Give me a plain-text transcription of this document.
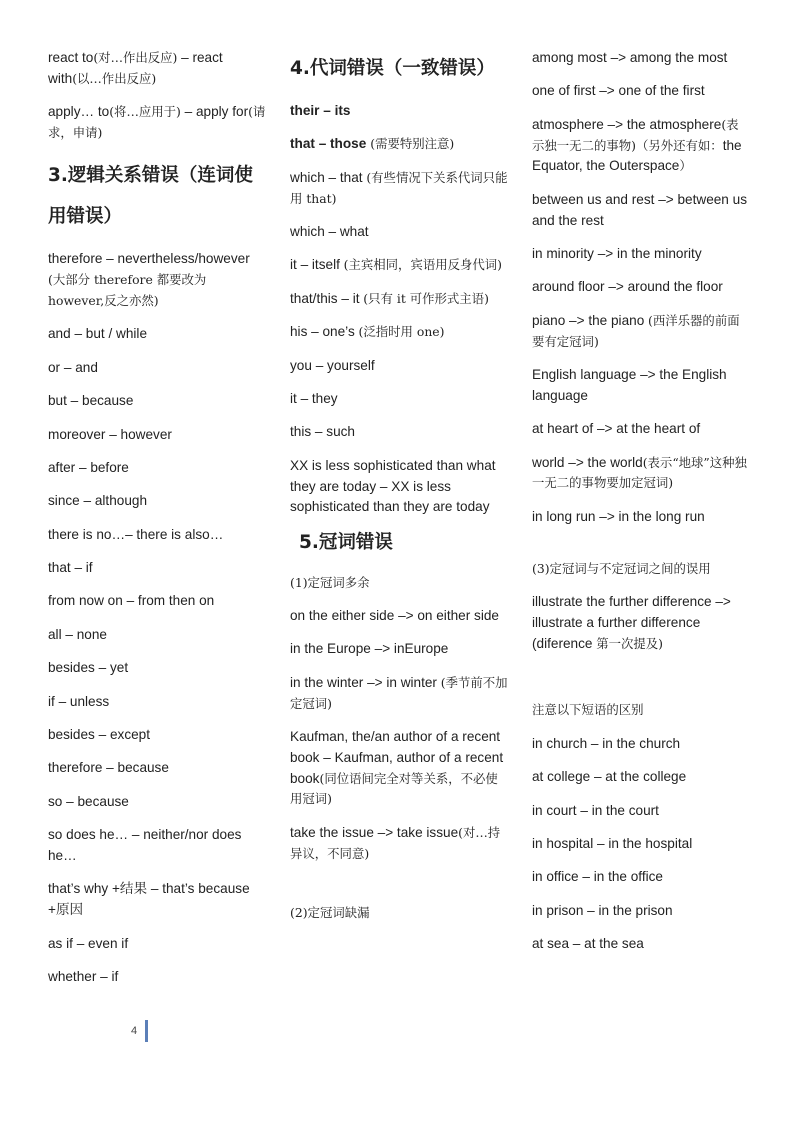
react to(对…作出反应) – react with(以…作出反应)
apply… to(将…应用于) – apply for(请求，申请)
3.逻辑关系错误（连词使用错误）
therefore – nevertheless/however (大部分 therefore 都要改为 however,反之亦然)
and – but / while
or – and
but – because
moreover – however
after – before
since – although
there is no…– there is also…
that – if
from now on – from then on
all – none
besides – yet
if – unless
besides – except
therefore – because
so – because
so does he… – neither/nor does he…
that’s why +结果 – that’s because +原因
as if – even if
whether – if
4.代词错误（一致错误）
their – its
that – those (需要特别注意)
which – that (有些情况下关系代词只能用 that)
which – what
it – itself (主宾相同，宾语用反身代词)
that/this – it (只有 it 可作形式主语)
his – one’s (泛指时用 one)
you – yourself
it – they
this – such
XX is less sophisticated than what they are today – XX is less sophisticated than they are today
5.冠词错误
(1)定冠词多余
on the either side –> on either side
in the Europe –> inEurope
in the winter –> in winter (季节前不加定冠词)
Kaufman, the/an author of a recent book – Kaufman, author of a recent book(同位语间完全对等关系，不必使用冠词)
take the issue –> take issue(对…持异议，不同意)
(2)定冠词缺漏
among most –> among the most
one of first –> one of the first
atmosphere –> the atmosphere(表示独一无二的事物)（另外还有如：the Equator, the Outerspace）
between us and rest –> between us and the rest
in minority –> in the minority
around floor –> around the floor
piano –> the piano (西洋乐器的前面要有定冠词)
English language –> the English language
at heart of –> at the heart of
world –> the world(表示“地球”这种独一无二的事物要加定冠词)
in long run –> in the long run
(3)定冠词与不定冠词之间的误用
illustrate the further difference –> illustrate a further difference (diference 第一次提及)
注意以下短语的区别
in church – in the church
at college – at the college
in court – in the court
in hospital – in the hospital
in office – in the office
in prison – in the prison
at sea – at the sea
4
